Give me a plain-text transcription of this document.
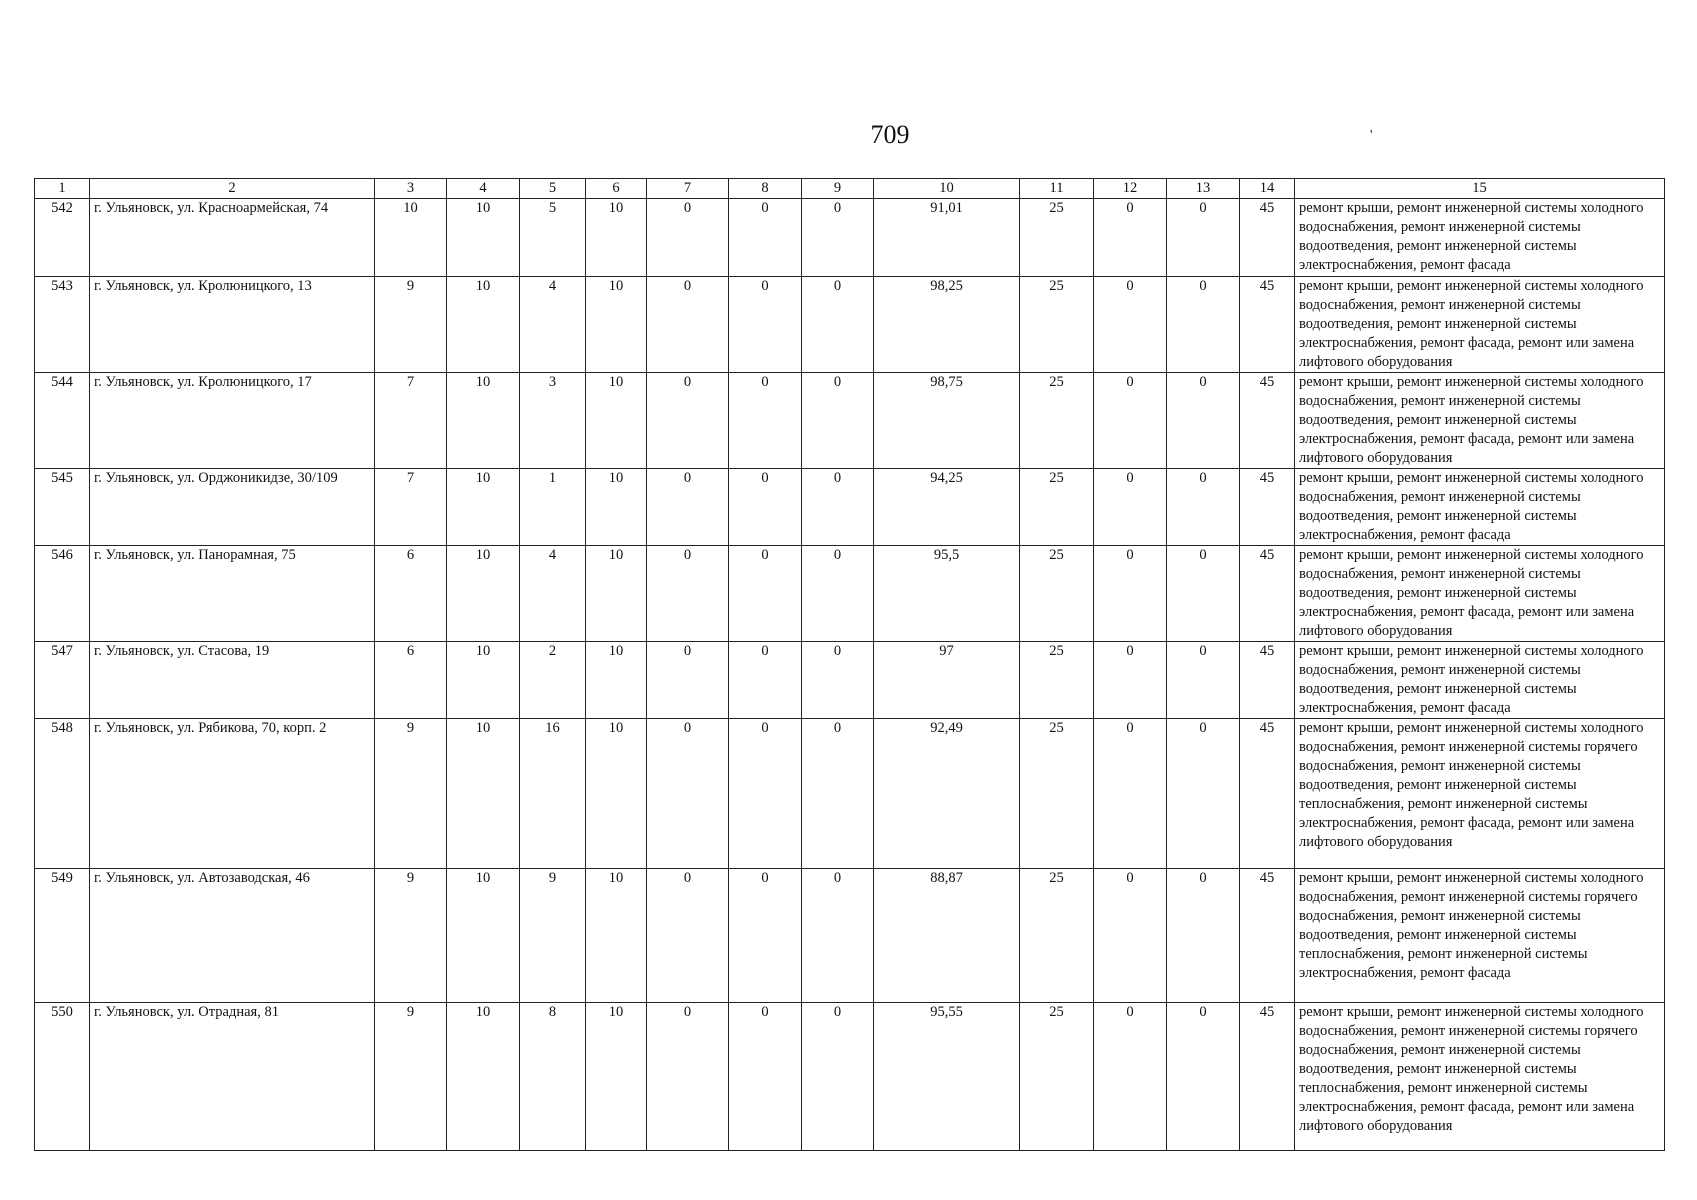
709	'
1	2	3	4	5	6	7	8	9	10	11	12	13	14	15
542	г. Ульяновск, ул. Красноармейская, 74	10	10	5	10	0	0	0	91,01	25	0	0	45	ремонт крыши, ремонт инженерной системы холодного водоснабжения, ремонт инженерной системы водоотведения, ремонт инженерной системы электроснабжения, ремонт фасада
543	г. Ульяновск, ул. Кролюницкого, 13	9	10	4	10	0	0	0	98,25	25	0	0	45	ремонт крыши, ремонт инженерной системы холодного водоснабжения, ремонт инженерной системы водоотведения, ремонт инженерной системы электроснабжения, ремонт фасада, ремонт или замена лифтового оборудования
544	г. Ульяновск, ул. Кролюницкого, 17	7	10	3	10	0	0	0	98,75	25	0	0	45	ремонт крыши, ремонт инженерной системы холодного водоснабжения, ремонт инженерной системы водоотведения, ремонт инженерной системы электроснабжения, ремонт фасада, ремонт или замена лифтового оборудования
545	г. Ульяновск, ул. Орджоникидзе, 30/109	7	10	1	10	0	0	0	94,25	25	0	0	45	ремонт крыши, ремонт инженерной системы холодного водоснабжения, ремонт инженерной системы водоотведения, ремонт инженерной системы электроснабжения, ремонт фасада
546	г. Ульяновск, ул. Панорамная, 75	6	10	4	10	0	0	0	95,5	25	0	0	45	ремонт крыши, ремонт инженерной системы холодного водоснабжения, ремонт инженерной системы водоотведения, ремонт инженерной системы электроснабжения, ремонт фасада, ремонт или замена лифтового оборудования
547	г. Ульяновск, ул. Стасова, 19	6	10	2	10	0	0	0	97	25	0	0	45	ремонт крыши, ремонт инженерной системы холодного водоснабжения, ремонт инженерной системы водоотведения, ремонт инженерной системы электроснабжения, ремонт фасада
548	г. Ульяновск, ул. Рябикова, 70, корп. 2	9	10	16	10	0	0	0	92,49	25	0	0	45	ремонт крыши, ремонт инженерной системы холодного водоснабжения, ремонт инженерной системы горячего водоснабжения, ремонт инженерной системы водоотведения, ремонт инженерной системы теплоснабжения, ремонт инженерной системы электроснабжения, ремонт фасада, ремонт или замена лифтового оборудования
549	г. Ульяновск, ул. Автозаводская, 46	9	10	9	10	0	0	0	88,87	25	0	0	45	ремонт крыши, ремонт инженерной системы холодного водоснабжения, ремонт инженерной системы горячего водоснабжения, ремонт инженерной системы водоотведения, ремонт инженерной системы теплоснабжения, ремонт инженерной системы электроснабжения, ремонт фасада
550	г. Ульяновск, ул. Отрадная, 81	9	10	8	10	0	0	0	95,55	25	0	0	45	ремонт крыши, ремонт инженерной системы холодного водоснабжения, ремонт инженерной системы горячего водоснабжения, ремонт инженерной системы водоотведения, ремонт инженерной системы теплоснабжения, ремонт инженерной системы электроснабжения, ремонт фасада, ремонт или замена лифтового оборудования
